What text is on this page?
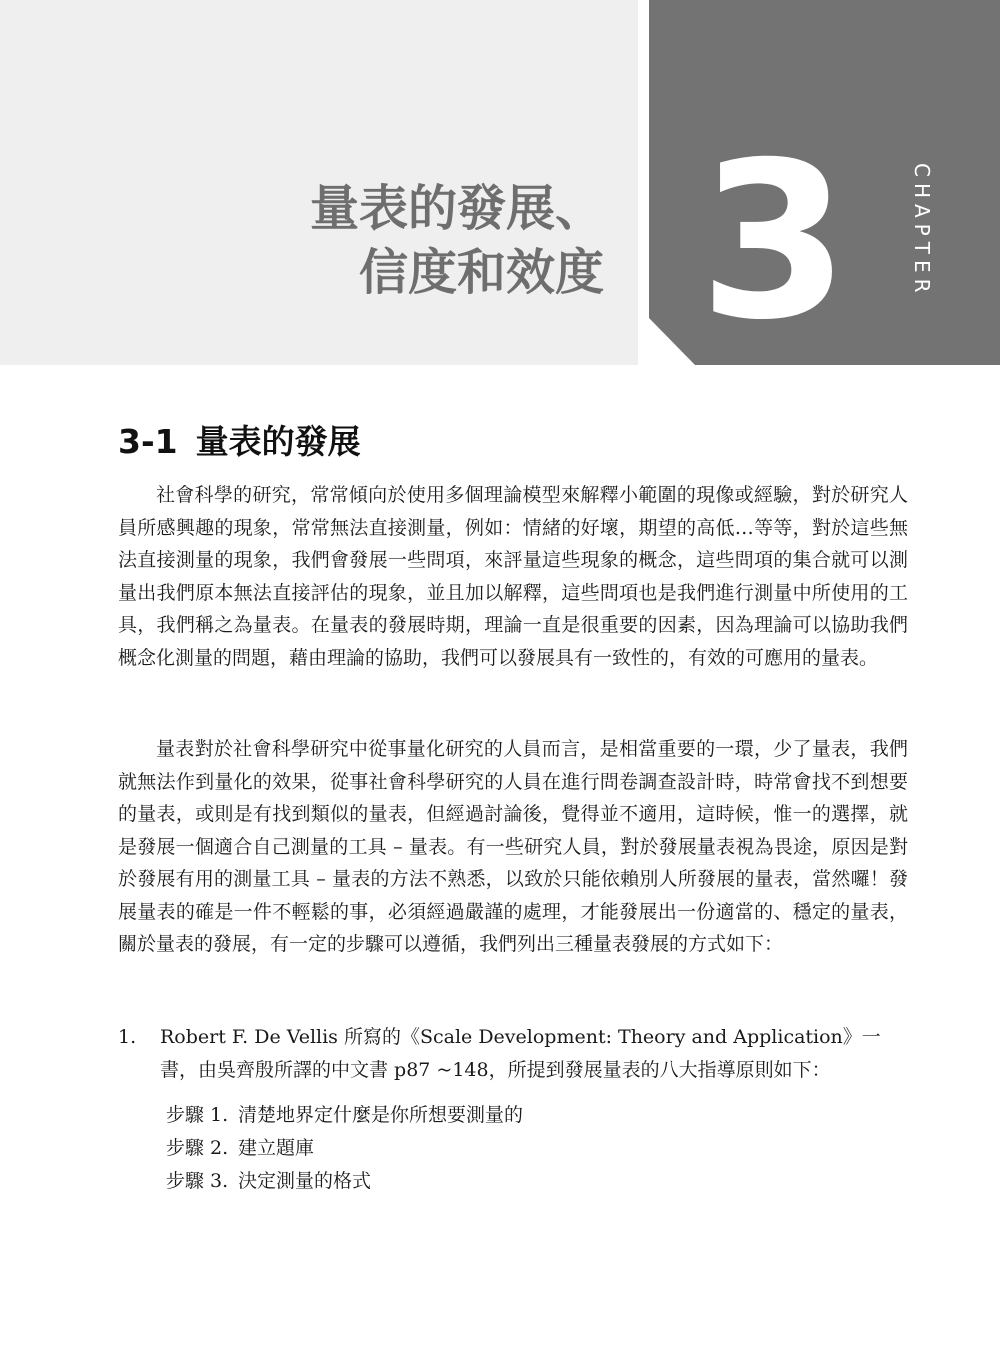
量表的發展、
信度和效度 3	CHAPTER
3-1 量表的發展

社會科學的研究，常常傾向於使用多個理論模型來解釋小範圍的現像或經驗，對於研究人員所感興趣的現象，常常無法直接測量，例如：情緒的好壞，期望的高低…等等，對於這些無法直接測量的現象，我們會發展一些問項，來評量這些現象的概念，這些問項的集合就可以測量出我們原本無法直接評估的現象，並且加以解釋，這些問項也是我們進行測量中所使用的工具，我們稱之為量表。在量表的發展時期，理論一直是很重要的因素，因為理論可以協助我們概念化測量的問題，藉由理論的協助，我們可以發展具有一致性的，有效的可應用的量表。

量表對於社會科學研究中從事量化研究的人員而言，是相當重要的一環，少了量表，我們就無法作到量化的效果，從事社會科學研究的人員在進行問卷調查設計時，時常會找不到想要的量表，或則是有找到類似的量表，但經過討論後，覺得並不適用，這時候，惟一的選擇，就是發展一個適合自己測量的工具 – 量表。有一些研究人員，對於發展量表視為畏途，原因是對於發展有用的測量工具 – 量表的方法不熟悉，以致於只能依賴別人所發展的量表，當然囉！發展量表的確是一件不輕鬆的事，必須經過嚴謹的處理，才能發展出一份適當的、穩定的量表，關於量表的發展，有一定的步驟可以遵循，我們列出三種量表發展的方式如下：

1. Robert F. De Vellis 所寫的《Scale Development: Theory and Application》一書，由吳齊殷所譯的中文書 p87 ~148，所提到發展量表的八大指導原則如下：
步驟 1. 清楚地界定什麼是你所想要測量的
步驟 2. 建立題庫
步驟 3. 決定測量的格式
